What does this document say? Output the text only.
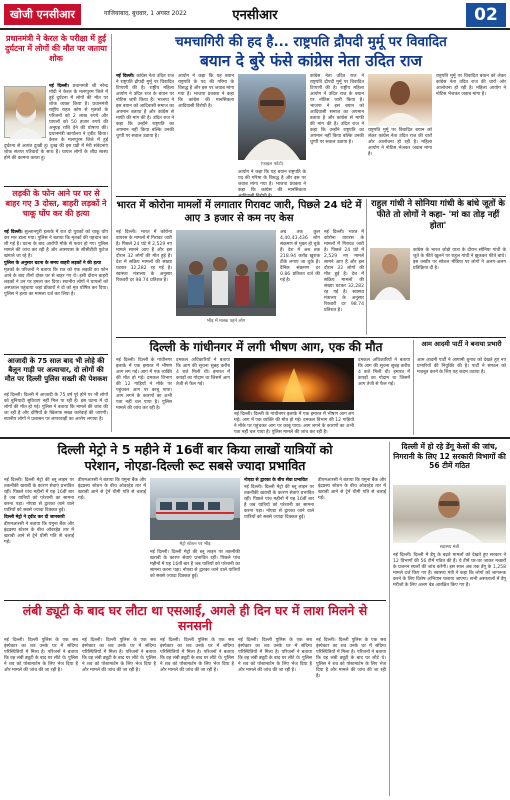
खोजी एनसीआर	गाजियाबाद, बुधवार, 1 अगस्त 2022	एनसीआर	02
प्रधानमंत्री ने केरल के परीक्षा में हुई दुर्घटना में लोगों की मौत पर जताया शोक
नई दिल्ली। प्रधानमंत्री श्री नरेन्द्र मोदी ने केरल के मलप्पुरम जिले में हुई दुर्घटना में लोगों की मौत पर शोक व्यक्त किया है। प्रधानमंत्री राष्ट्रीय राहत कोष से मृतकों के परिजनों को 2 लाख रुपये और घायलों को 50 हजार रुपये की अनुग्रह राशि देने की घोषणा की। प्रधानमंत्री कार्यालय ने ट्वीट किया। केरल के मलप्पुरम जिले में हुई दुर्घटना से अत्यंत दुःखी हूं। दुःख की इस घड़ी में मेरी संवेदनाएं शोक संतप्त परिवारों के साथ हैं। घायल लोगों के शीघ्र स्वस्थ होने की कामना करता हूं।
लड़की के फोन आने पर घर से बाहर गए 3 दोस्त, बाहरी लड़कों ने चाकू घोंप कर की हत्या
नई दिल्ली। सुल्तानपुरी इलाके में रात दो युवकों को चाकू घोंप कर मार डाला गया। पुलिस ने बताया कि मृतकों की पहचान कर ली गई है। घटना के बाद आरोपी मौके से फरार हो गए। पुलिस मामले की जांच कर रही है और आसपास के सीसीटीवी फुटेज खंगाले जा रहे हैं।
पुलिस के अनुसार घटना के समय बाहरी लड़कों ने की हत्या
मृतकों के परिजनों ने बताया कि रात को एक लड़की का फोन आने के बाद तीनों दोस्त घर से बाहर गए थे। इसी दौरान बाहरी लड़कों ने उन पर हमला कर दिया। स्थानीय लोगों ने घायलों को अस्पताल पहुंचाया जहां डॉक्टरों ने दो को मृत घोषित कर दिया। पुलिस ने हत्या का मामला दर्ज कर लिया है।
आजादी के 75 साल बाद भी लोहे की बैलून गाड़ी पर अत्याचार, दो लोगों की मौत पर दिल्ली पुलिस सख्ती की पेशकश
नई दिल्ली। दिल्ली में आज़ादी के 75 वर्ष पूरे होने पर भी लोगों को बुनियादी सुविधाएं नहीं मिल पा रही हैं। इस घटना में दो लोगों की मौत हो गई। पुलिस ने बताया कि मामले की जांच की जा रही है और दोषियों के खिलाफ सख्त कार्रवाई की जाएगी। स्थानीय लोगों ने प्रशासन पर लापरवाही का आरोप लगाया है।
चमचागिरी की हद है... राष्ट्रपति द्रौपदी मुर्मू पर विवादित
बयान दे बुरे फंसे कांग्रेस नेता उदित राज
नई दिल्ली। कांग्रेस नेता उदित राज ने राष्ट्रपति द्रौपदी मुर्मू पर विवादित टिप्पणी की है। राष्ट्रीय महिला आयोग ने उदित राज के बयान पर नोटिस जारी किया है। भाजपा ने इस बयान को आदिवासी समाज का अपमान बताया है और कांग्रेस से माफी की मांग की है। उदित राज ने कहा कि उन्होंने राष्ट्रपति का अपमान नहीं किया बल्कि उनकी चुप्पी पर सवाल उठाया है।
आयोग ने कहा कि यह बयान राष्ट्रपति के पद की गरिमा के विरुद्ध है और इस पर जवाब मांगा गया है। भाजपा प्रवक्ता ने कहा कि कांग्रेस की मानसिकता आदिवासी विरोधी है।
(फाइल फोटो)
आयोग ने कहा कि यह बयान राष्ट्रपति के पद की गरिमा के विरुद्ध है और इस पर जवाब मांगा गया है। भाजपा प्रवक्ता ने कहा कि कांग्रेस की मानसिकता
कांग्रेस नेता उदित राज ने राष्ट्रपति द्रौपदी मुर्मू पर विवादित टिप्पणी की है। राष्ट्रीय महिला आयोग ने उदित राज के बयान पर नोटिस जारी किया है। भाजपा ने इस बयान को आदिवासी समाज का अपमान बताया है और कांग्रेस से माफी की मांग की है। उदित राज ने कहा कि उन्होंने राष्ट्रपति का अपमान नहीं किया बल्कि उनकी चुप्पी पर सवाल उठाया है।
राष्ट्रपति मुर्मू पर विवादित बयान को लेकर कांग्रेस नेता उदित राज की चारों ओर आलोचना हो रही है। महिला आयोग ने नोटिस भेजकर जवाब मांगा है।
राष्ट्रपति मुर्मू पर विवादित बयान को लेकर कांग्रेस नेता उदित राज की चारों ओर आलोचना हो रही है। महिला आयोग ने नोटिस भेजकर जवाब मांगा है।
भारत में कोरोना मामलों में लगातार गिरावट जारी, पिछले 24 घंटे में आए 3 हजार से कम नए केस
नई दिल्ली। भारत में कोरोना वायरस के मामलों में गिरावट जारी है। पिछले 24 घंटे में 2,529 नए मामले सामने आए हैं और इस दौरान 32 लोगों की मौत हुई है। देश में सक्रिय मामलों की संख्या घटकर 32,282 रह गई है। स्वास्थ्य मंत्रालय के अनुसार रिकवरी दर 98.74 प्रतिशत है।
भीड़ में मास्क पहने लोग
अब तक कुल 4,40,43,436 लोग संक्रमण से मुक्त हो चुके हैं। देश में अब तक 218.94 करोड़ खुराक टीके लगाए जा चुके हैं। दैनिक संक्रमण दर 0.86 प्रतिशत दर्ज की गई है।
नई दिल्ली। भारत में कोरोना वायरस के मामलों में गिरावट जारी है। पिछले 24 घंटे में 2,529 नए मामले सामने आए हैं और इस दौरान 32 लोगों की मौत हुई है। देश में सक्रिय मामलों की संख्या घटकर 32,282 रह गई है। स्वास्थ्य मंत्रालय के अनुसार रिकवरी दर 98.74 प्रतिशत है।
राहुल गांधी ने सोनिया गांधी के बांधे जूतों के फीते तो लोगों ने कहा- 'मां का तोड़ नहीं होता'
कांग्रेस के भारत जोड़ो यात्रा के दौरान सोनिया गांधी के जूते के फीते खुलने पर राहुल गांधी ने झुककर फीते बांधे। इस तस्वीर पर सोशल मीडिया पर लोगों ने अलग-अलग प्रतिक्रिया दी है।
दिल्ली के गांधीनगर में लगी भीषण आग, एक की मौत
नई दिल्ली। दिल्ली के गांधीनगर इलाके में एक इमारत में भीषण आग लग गई। आग में एक व्यक्ति की मौत हो गई। दमकल विभाग की 12 गाड़ियों ने मौके पर पहुंचकर आग पर काबू पाया। आग लगने के कारणों का अभी पता नहीं चल पाया है। पुलिस मामले की जांच कर रही है।
दमकल अधिकारियों ने बताया कि आग की सूचना सुबह करीब 4 बजे मिली थी। इमारत में कपड़ों का गोदाम था जिसमें आग तेजी से फैल गई।
नई दिल्ली। दिल्ली के गांधीनगर इलाके में एक इमारत में भीषण आग लग गई। आग में एक व्यक्ति की मौत हो गई। दमकल विभाग की 12 गाड़ियों ने मौके पर पहुंचकर आग पर काबू पाया। आग लगने के कारणों का अभी पता नहीं चल पाया है। पुलिस मामले की जांच कर रही है।
दमकल अधिकारियों ने बताया कि आग की सूचना सुबह करीब 4 बजे मिली थी। इमारत में कपड़ों का गोदाम था जिसमें आग तेजी से फैल गई।
आम आदमी पार्टी ने बनाया प्रभारी
आम आदमी पार्टी ने आगामी चुनाव को देखते हुए नए प्रभारियों की नियुक्ति की है। पार्टी ने संगठन को मजबूत करने के लिए यह कदम उठाया है।
दिल्ली मेट्रो ने 5 महीने में 16वीं बार किया लाखों यात्रियों को
परेशान, नोएडा-दिल्ली रूट सबसे ज्यादा प्रभावित
नई दिल्ली। दिल्ली मेट्रो की ब्लू लाइन पर तकनीकी खराबी के कारण सेवाएं प्रभावित रहीं। पिछले पांच महीनों में यह 16वीं बार है जब यात्रियों को परेशानी का सामना करना पड़ा। नोएडा से द्वारका जाने वाले यात्रियों को सबसे ज्यादा दिक्कत हुई।
दिल्ली मेट्रो ने ट्वीट कर दी जानकारी
डीएमआरसी ने बताया कि यमुना बैंक और इंद्रप्रस्थ स्टेशन के बीच ओवरहेड तार में खराबी आने से ट्रेनें धीमी गति से चलाई गईं।
डीएमआरसी ने बताया कि यमुना बैंक और इंद्रप्रस्थ स्टेशन के बीच ओवरहेड तार में खराबी आने से ट्रेनें धीमी गति से चलाई गईं।
मेट्रो स्टेशन पर भीड़
नई दिल्ली। दिल्ली मेट्रो की ब्लू लाइन पर तकनीकी खराबी के कारण सेवाएं प्रभावित रहीं। पिछले पांच महीनों में यह 16वीं बार है जब यात्रियों को परेशानी का सामना करना पड़ा। नोएडा से द्वारका जाने वाले यात्रियों को सबसे ज्यादा दिक्कत हुई।
नोएडा से द्वारका के बीच सेवा प्रभावित
नई दिल्ली। दिल्ली मेट्रो की ब्लू लाइन पर तकनीकी खराबी के कारण सेवाएं प्रभावित रहीं। पिछले पांच महीनों में यह 16वीं बार है जब यात्रियों को परेशानी का सामना करना पड़ा। नोएडा से द्वारका जाने वाले यात्रियों को सबसे ज्यादा दिक्कत हुई।
डीएमआरसी ने बताया कि यमुना बैंक और इंद्रप्रस्थ स्टेशन के बीच ओवरहेड तार में खराबी आने से ट्रेनें धीमी गति से चलाई गईं।
लंबी ड्यूटी के बाद घर लौटा था एसआई, अगले ही दिन घर में लाश मिलने से सनसनी
नई दिल्ली। दिल्ली पुलिस के एक सब इंस्पेक्टर का शव उनके घर में संदिग्ध परिस्थितियों में मिला है। परिजनों ने बताया कि वह लंबी ड्यूटी के बाद घर लौटे थे। पुलिस ने शव को पोस्टमार्टम के लिए भेज दिया है और मामले की जांच की जा रही है।
नई दिल्ली। दिल्ली पुलिस के एक सब इंस्पेक्टर का शव उनके घर में संदिग्ध परिस्थितियों में मिला है। परिजनों ने बताया कि वह लंबी ड्यूटी के बाद घर लौटे थे। पुलिस ने शव को पोस्टमार्टम के लिए भेज दिया है और मामले की जांच की जा रही है।
नई दिल्ली। दिल्ली पुलिस के एक सब इंस्पेक्टर का शव उनके घर में संदिग्ध परिस्थितियों में मिला है। परिजनों ने बताया कि वह लंबी ड्यूटी के बाद घर लौटे थे। पुलिस ने शव को पोस्टमार्टम के लिए भेज दिया है और मामले की जांच की जा रही है।
नई दिल्ली। दिल्ली पुलिस के एक सब इंस्पेक्टर का शव उनके घर में संदिग्ध परिस्थितियों में मिला है। परिजनों ने बताया कि वह लंबी ड्यूटी के बाद घर लौटे थे। पुलिस ने शव को पोस्टमार्टम के लिए भेज दिया है और मामले की जांच की जा रही है।
नई दिल्ली। दिल्ली पुलिस के एक सब इंस्पेक्टर का शव उनके घर में संदिग्ध परिस्थितियों में मिला है। परिजनों ने बताया कि वह लंबी ड्यूटी के बाद घर लौटे थे। पुलिस ने शव को पोस्टमार्टम के लिए भेज दिया है और मामले की जांच की जा रही है।
दिल्ली में हो रहे डेंगू केसों की जांच, निगरानी के लिए 12 सरकारी विभागों की 56 टीमें गठित
स्वास्थ्य मंत्री
नई दिल्ली। दिल्ली में डेंगू के बढ़ते मामलों को देखते हुए सरकार ने 12 विभागों की 56 टीमें गठित की हैं। ये टीमें घर-घर जाकर मच्छरों के प्रजनन स्थलों की जांच करेंगी। इस साल अब तक डेंगू के 1,258 मामले दर्ज किए गए हैं। स्वास्थ्य मंत्री ने कहा कि लोगों को जागरूक करने के लिए विशेष अभियान चलाया जाएगा। सभी अस्पतालों में डेंगू मरीजों के लिए अलग बेड आरक्षित किए गए हैं।
